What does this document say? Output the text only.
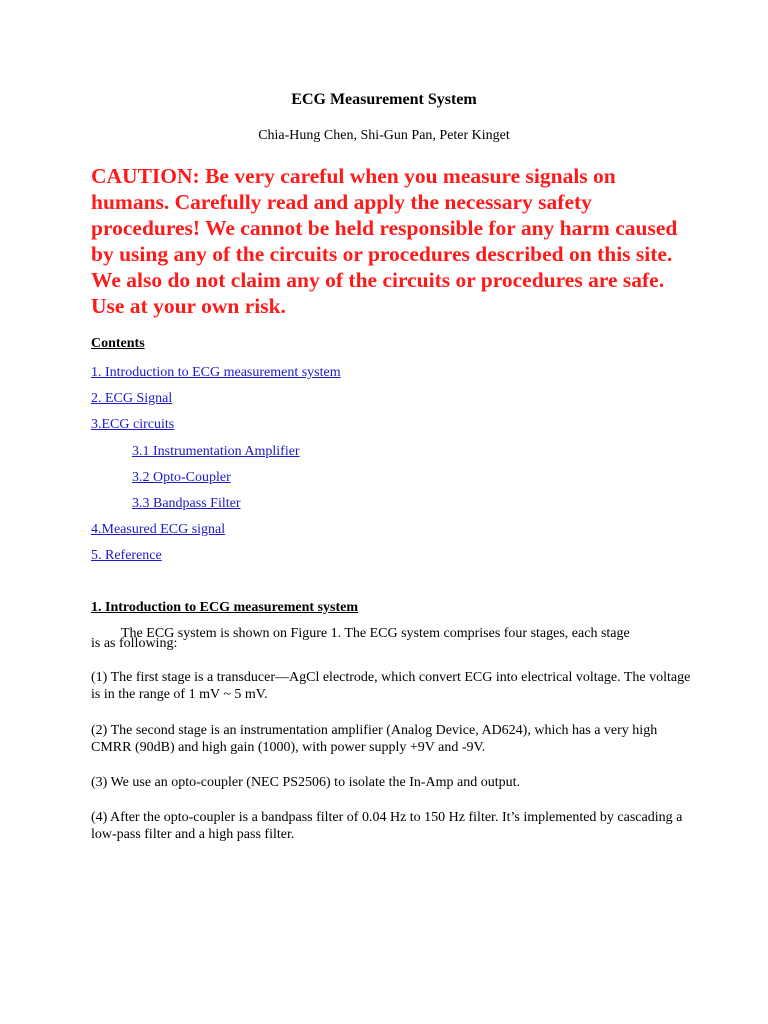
ECG Measurement System
Chia-Hung Chen, Shi-Gun Pan, Peter Kinget
CAUTION: Be very careful when you measure signals on humans. Carefully read and apply the necessary safety procedures! We cannot be held responsible for any harm caused by using any of the circuits or procedures described on this site. We also do not claim any of the circuits or procedures are safe. Use at your own risk.
Contents
1. Introduction to ECG measurement system
2. ECG Signal
3.ECG circuits
3.1 Instrumentation Amplifier
3.2 Opto-Coupler
3.3 Bandpass Filter
4.Measured ECG signal
5. Reference
1. Introduction to ECG measurement system
The ECG system is shown on Figure 1. The ECG system comprises four stages, each stage
is as following:
(1) The first stage is a transducer—AgCl electrode, which convert ECG into electrical voltage. The voltage is in the range of 1 mV ~ 5 mV.
(2) The second stage is an instrumentation amplifier (Analog Device, AD624), which has a very high CMRR (90dB) and high gain (1000), with power supply +9V and -9V.
(3) We use an opto-coupler (NEC PS2506) to isolate the In-Amp and output.
(4) After the opto-coupler is a bandpass filter of 0.04 Hz to 150 Hz filter. It’s implemented by cascading a low-pass filter and a high pass filter.
